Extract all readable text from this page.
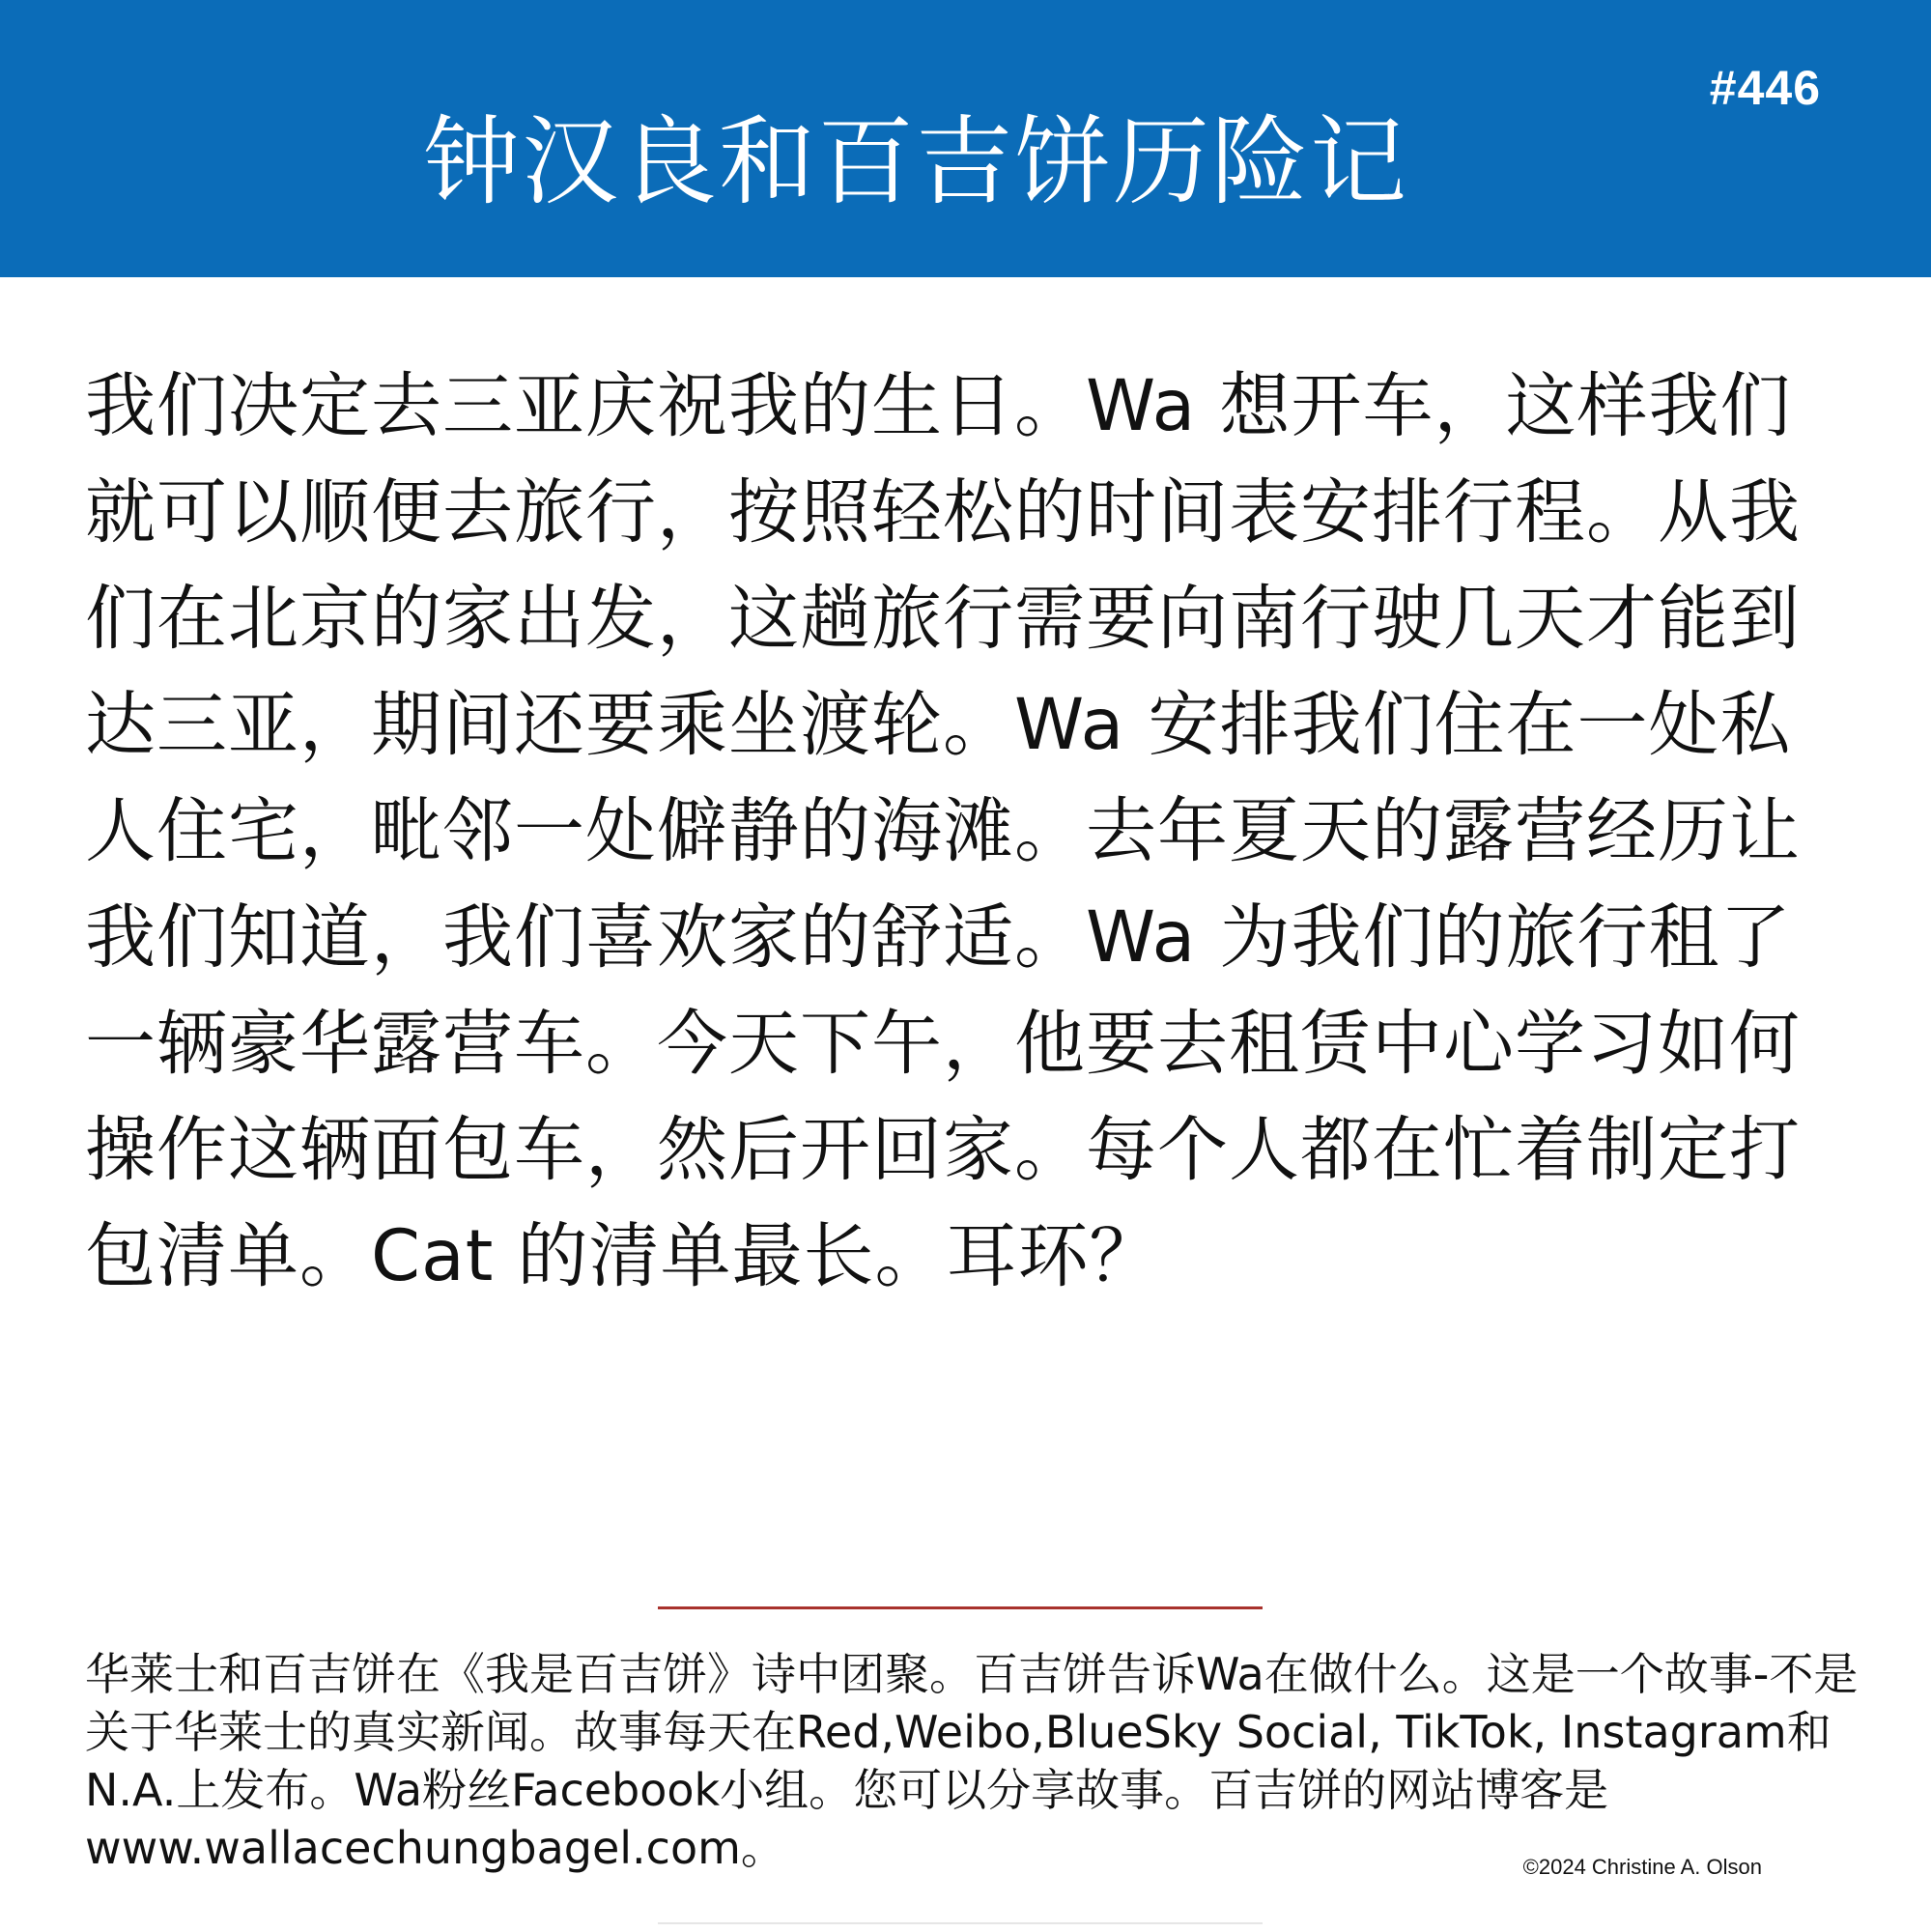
#446
钟汉良和百吉饼历险记

我们决定去三亚庆祝我的生日。Wa 想开车，这样我们就可以顺便去旅行，按照轻松的时间表安排行程。从我们在北京的家出发，这趟旅行需要向南行驶几天才能到达三亚，期间还要乘坐渡轮。Wa 安排我们住在一处私人住宅，毗邻一处僻静的海滩。去年夏天的露营经历让我们知道，我们喜欢家的舒适。Wa 为我们的旅行租了一辆豪华露营车。今天下午，他要去租赁中心学习如何操作这辆面包车，然后开回家。每个人都在忙着制定打包清单。Cat 的清单最长。耳环？

华莱士和百吉饼在《我是百吉饼》诗中团聚。百吉饼告诉Wa在做什么。这是一个故事-不是关于华莱士的真实新闻。故事每天在Red,Weibo,BlueSky Social, TikTok, Instagram和N.A.上发布。Wa粉丝Facebook小组。您可以分享故事。百吉饼的网站博客是www.wallacechungbagel.com。	©2024 Christine A. Olson
